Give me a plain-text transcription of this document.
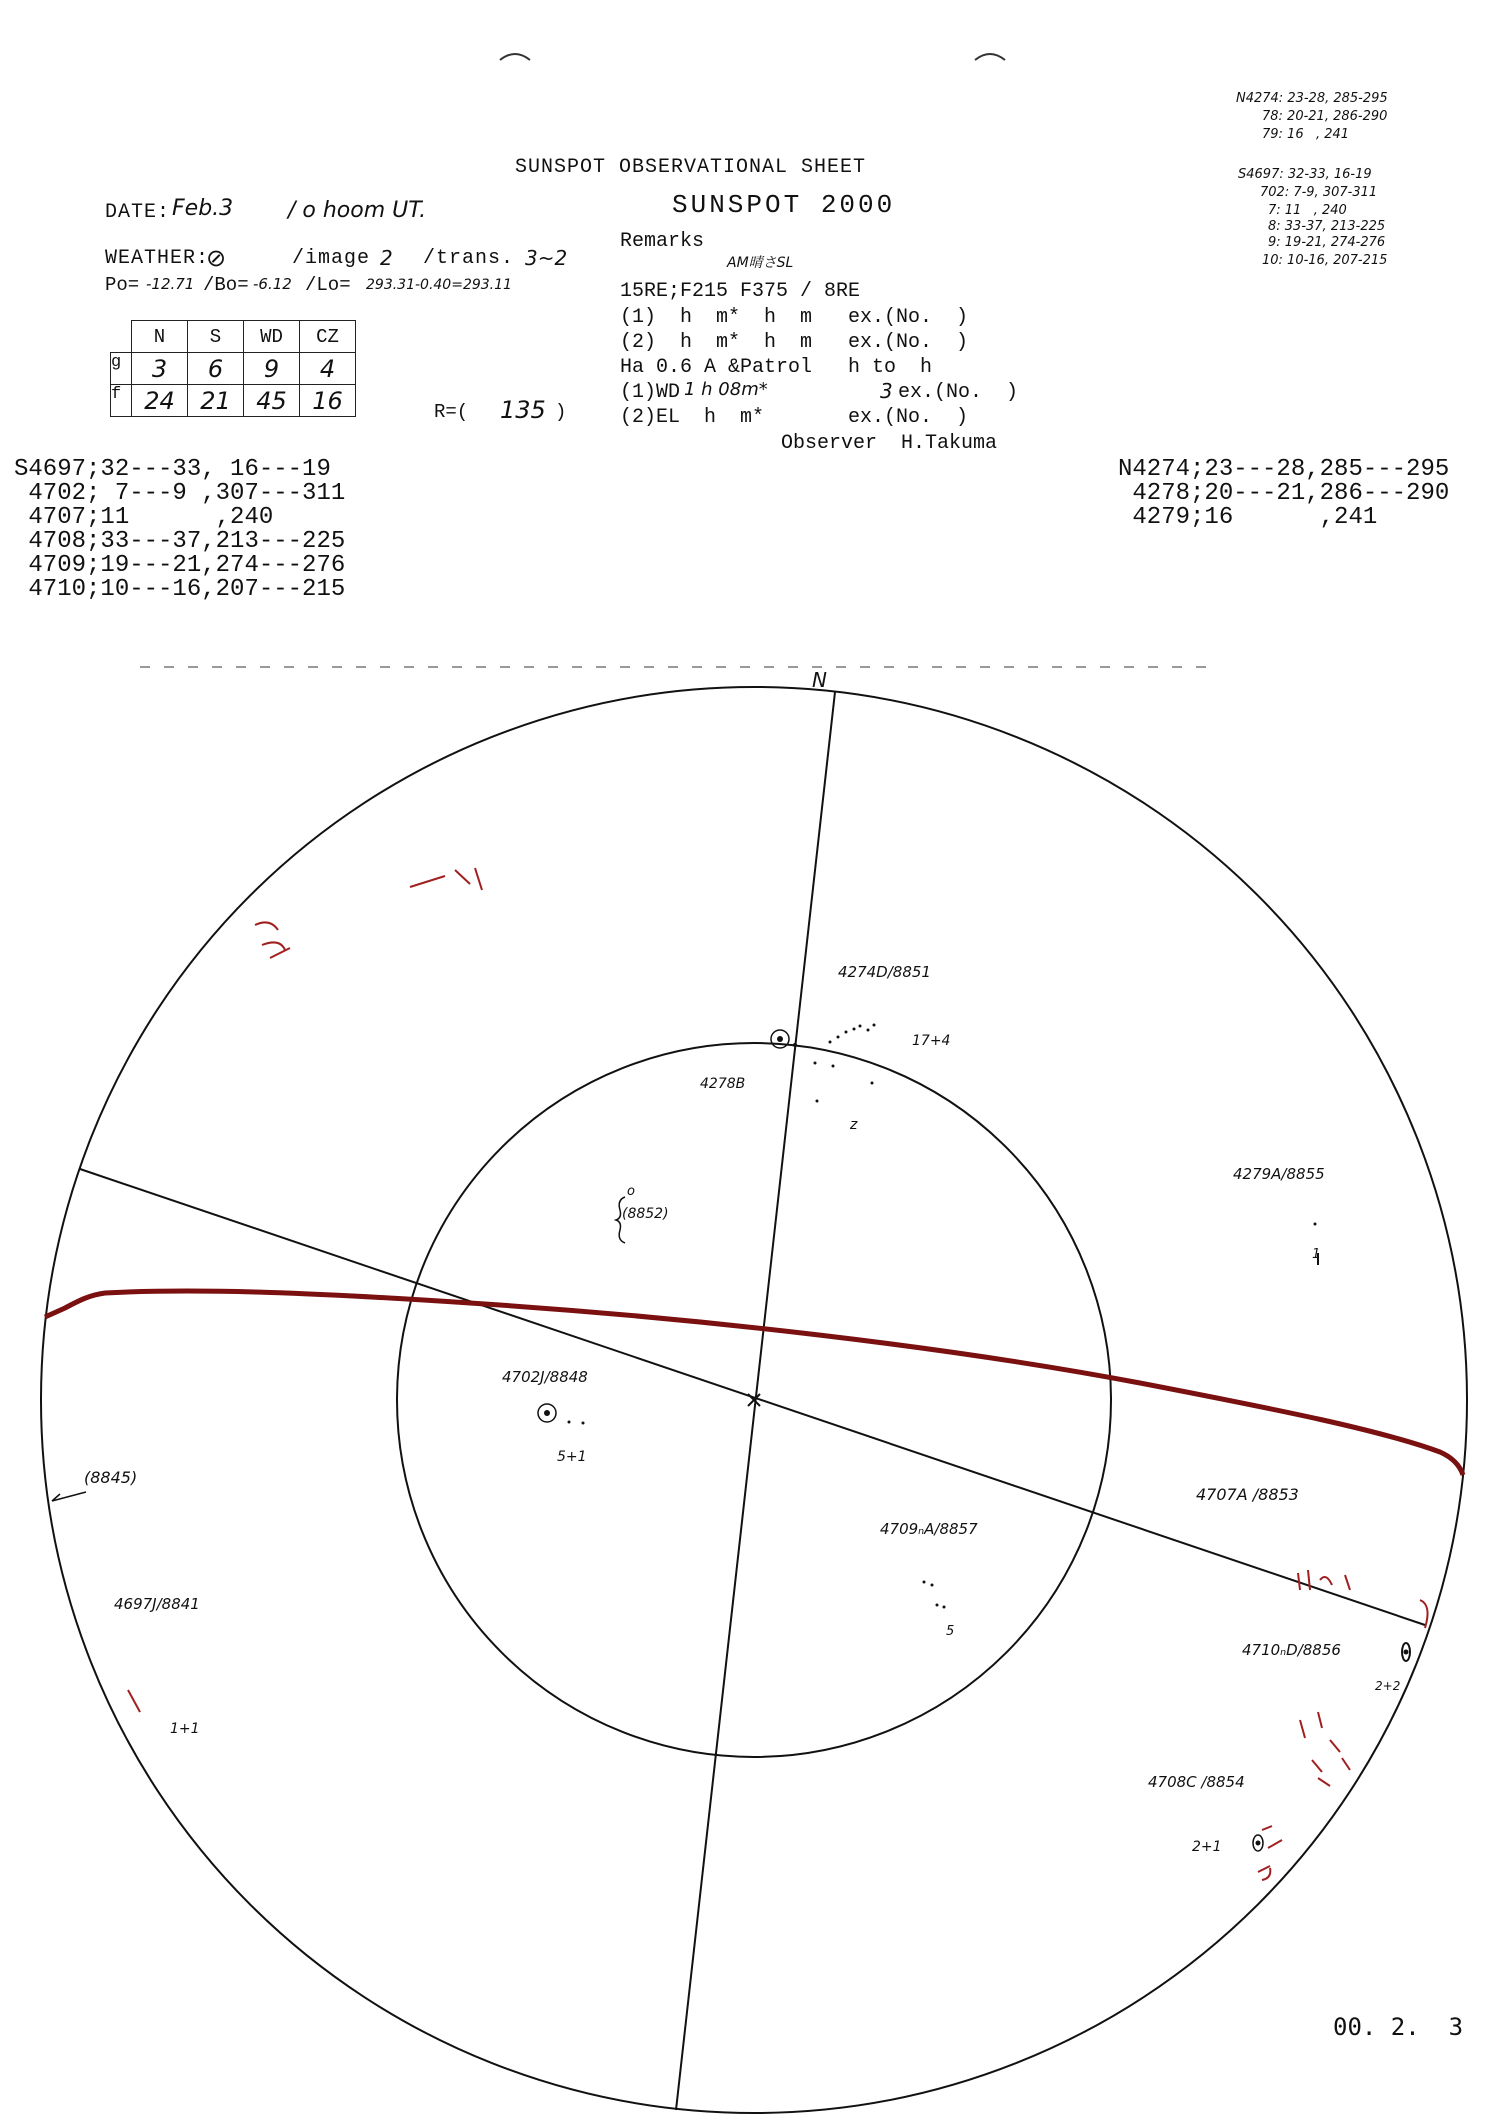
SUNSPOT OBSERVATIONAL SHEET
SUNSPOT 2000
DATE: Feb.3 / o hoom UT.
WEATHER:
⊘	/image 2 /trans. 3~2
Po= -12.71 /Bo= -6.12 /Lo= 293.31-0.40=293.11
	N	S	WD	CZ
g	3	6	9	4
f	24	21	45	16	R=( 135 )
Remarks
AM晴さSL
15RE;F215 F375 / 8RE
(1)  h  m*  h  m   ex.(No.  )
(2)  h  m*  h  m   ex.(No.  )
Ha 0.6 A &Patrol   h to  h
(1)WD 1 h 08m*	3 ex.(No.  )
(2)EL  h  m*       ex.(No.  )
Observer  H.Takuma
N4274: 23-28, 285-295
78: 20-21, 286-290
79: 16   , 241
S4697: 32-33, 16-19
702: 7-9, 307-311
7: 11   , 240
8: 33-37, 213-225
9: 19-21, 274-276
10: 10-16, 207-215
S4697;32---33, 16---19
4702; 7---9 ,307---311
4707;11      ,240
4708;33---37,213---225
4709;19---21,274---276
4710;10---16,207---215
N4274;23---28,285---295
4278;20---21,286---290
4279;16      ,241
N
4274D/8851
17+4
4278B
z
o
(8852)
4279A/8855
1
4702J/8848
5+1
(8845)
4707A /8853
4709ₙA/8857
5
4697J/8841
1+1
4710ₙD/8856
2+2
4708C /8854
2+1
00. 2.  3
